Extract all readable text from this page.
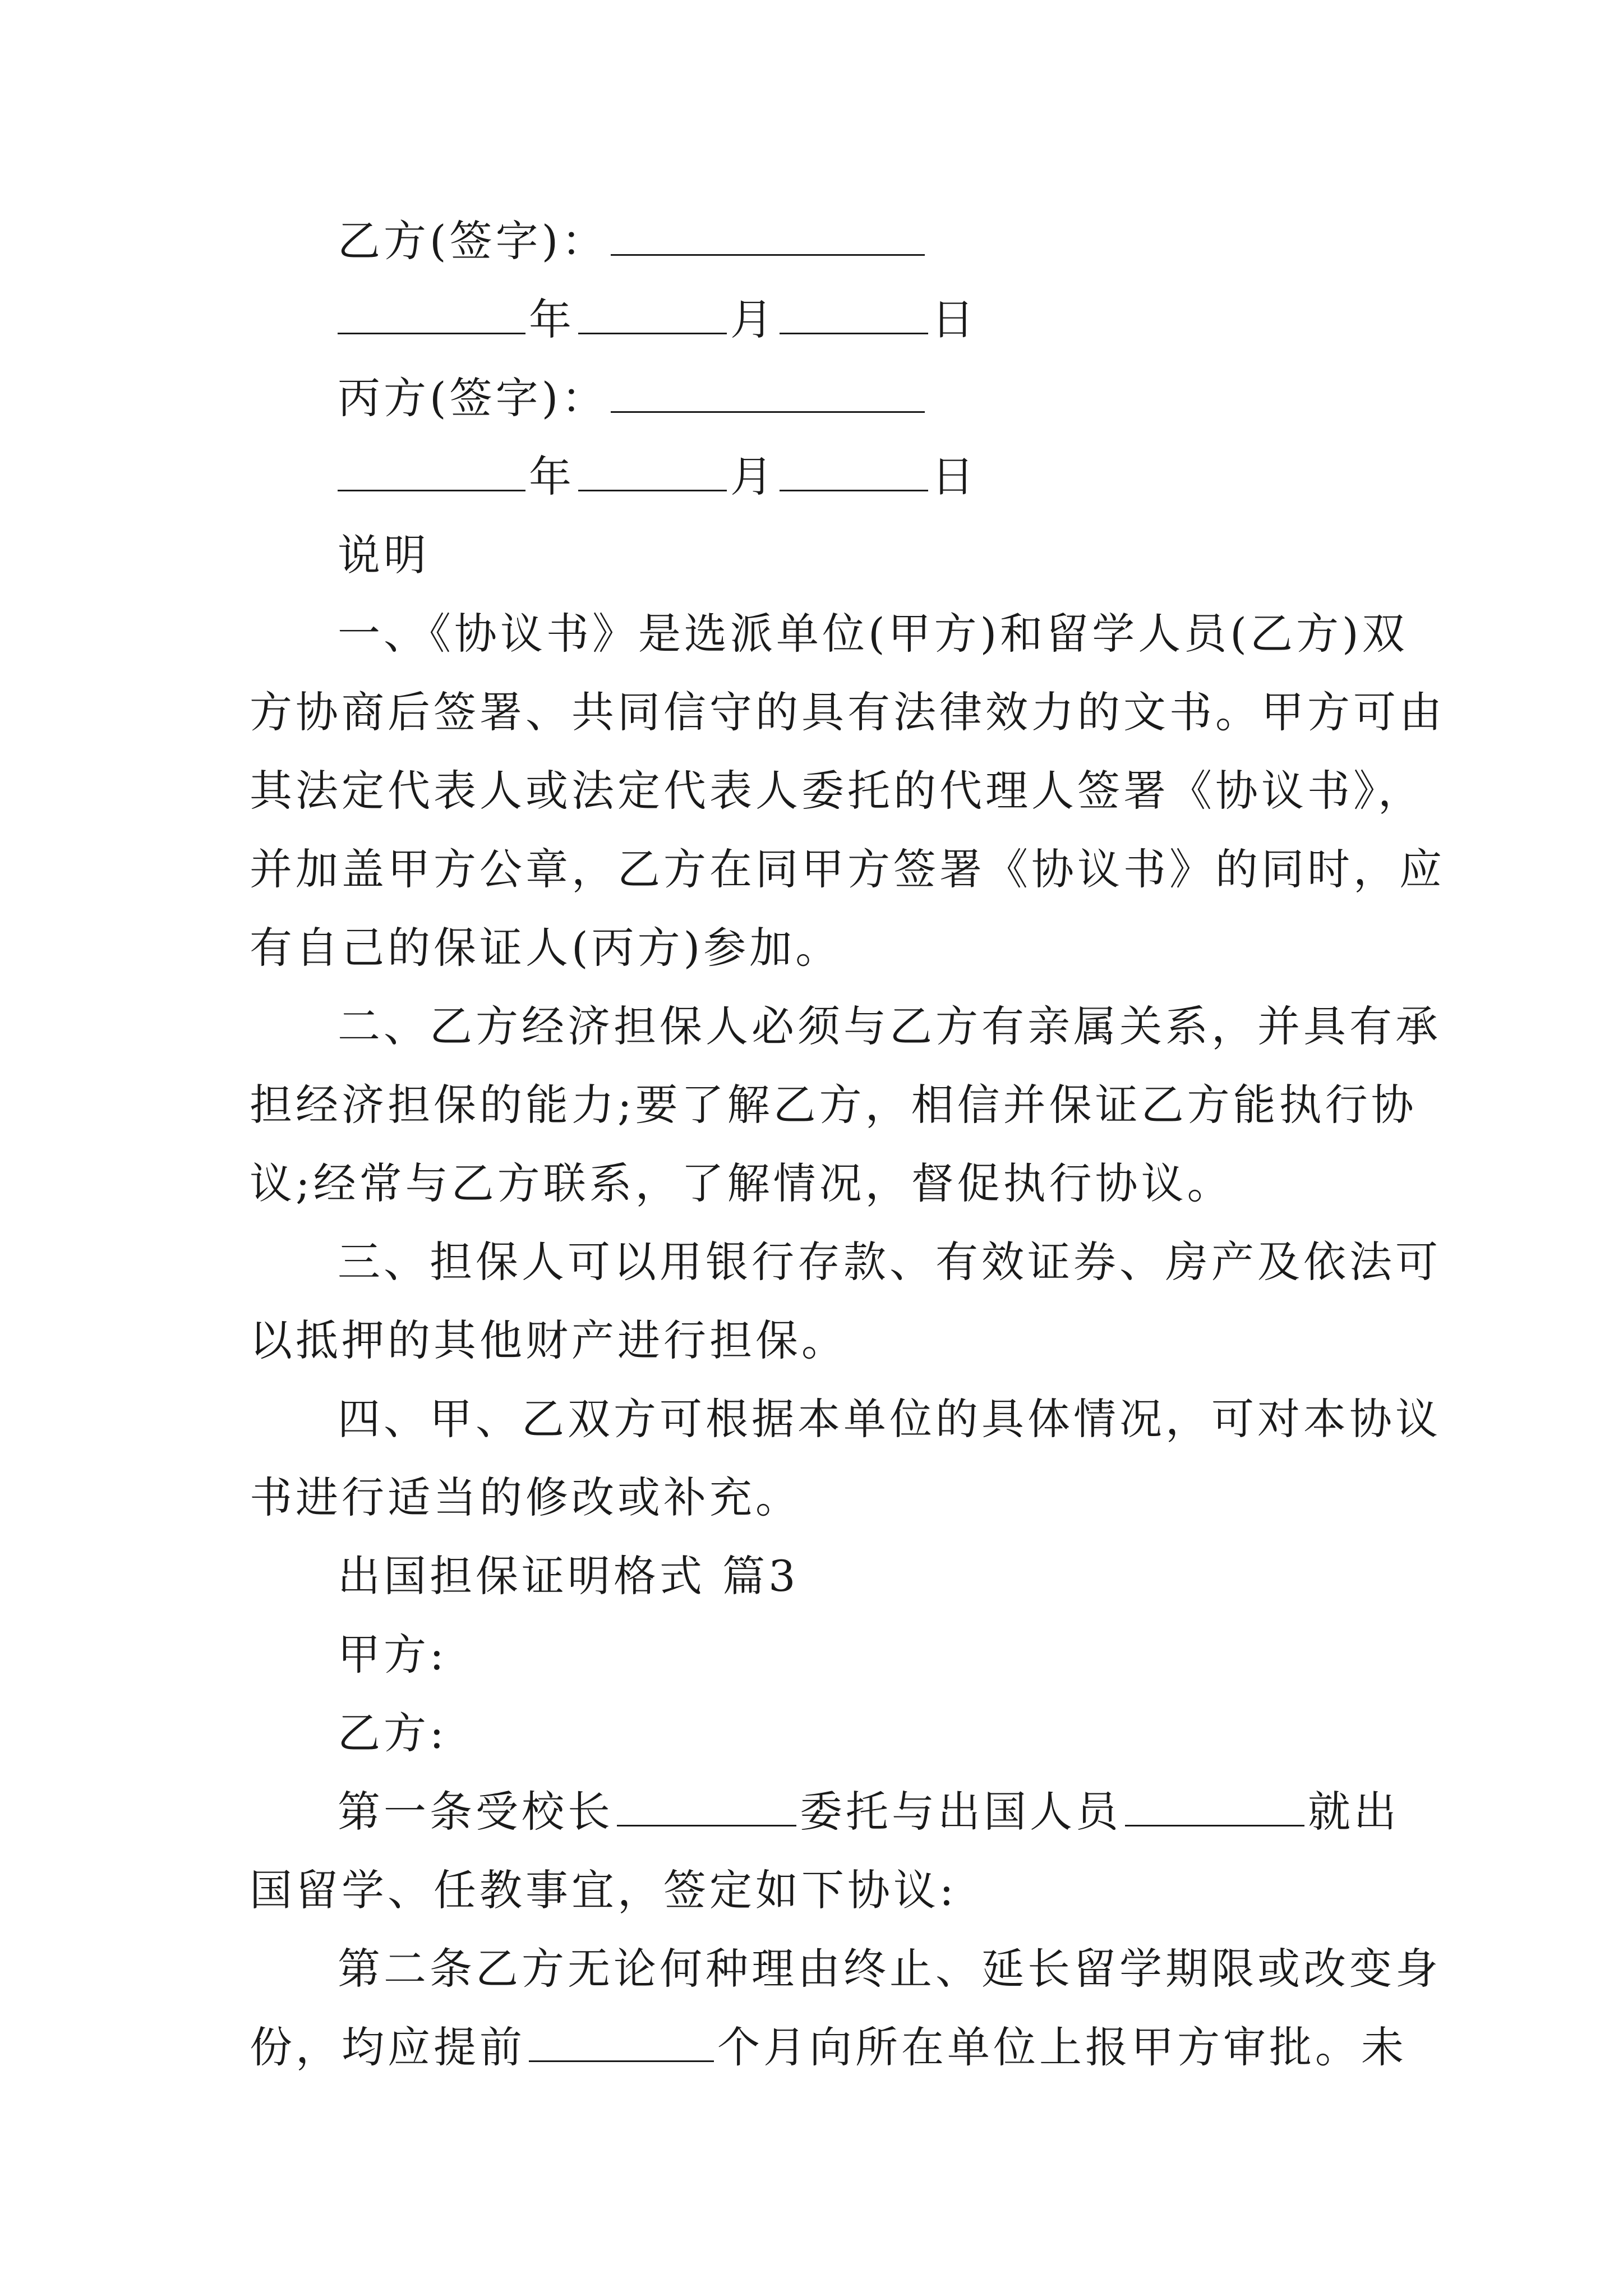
乙方(签字)：
年	月	日
丙方(签字)：
年	月	日
说明
一、《协议书》是选派单位(甲方)和留学人员(乙方)双
方协商后签署、共同信守的具有法律效力的文书。甲方可由
其法定代表人或法定代表人委托的代理人签署《协议书》，
并加盖甲方公章，乙方在同甲方签署《协议书》的同时，应
有自己的保证人(丙方)参加。
二、乙方经济担保人必须与乙方有亲属关系，并具有承
担经济担保的能力;要了解乙方，相信并保证乙方能执行协
议;经常与乙方联系，了解情况，督促执行协议。
三、担保人可以用银行存款、有效证券、房产及依法可
以抵押的其他财产进行担保。
四、甲、乙双方可根据本单位的具体情况，可对本协议
书进行适当的修改或补充。
出国担保证明格式 篇3
甲方:
乙方:
第一条受校长	委托与出国人员	就出
国留学、任教事宜，签定如下协议:
第二条乙方无论何种理由终止、延长留学期限或改变身
份，均应提前	个月向所在单位上报甲方审批。未
